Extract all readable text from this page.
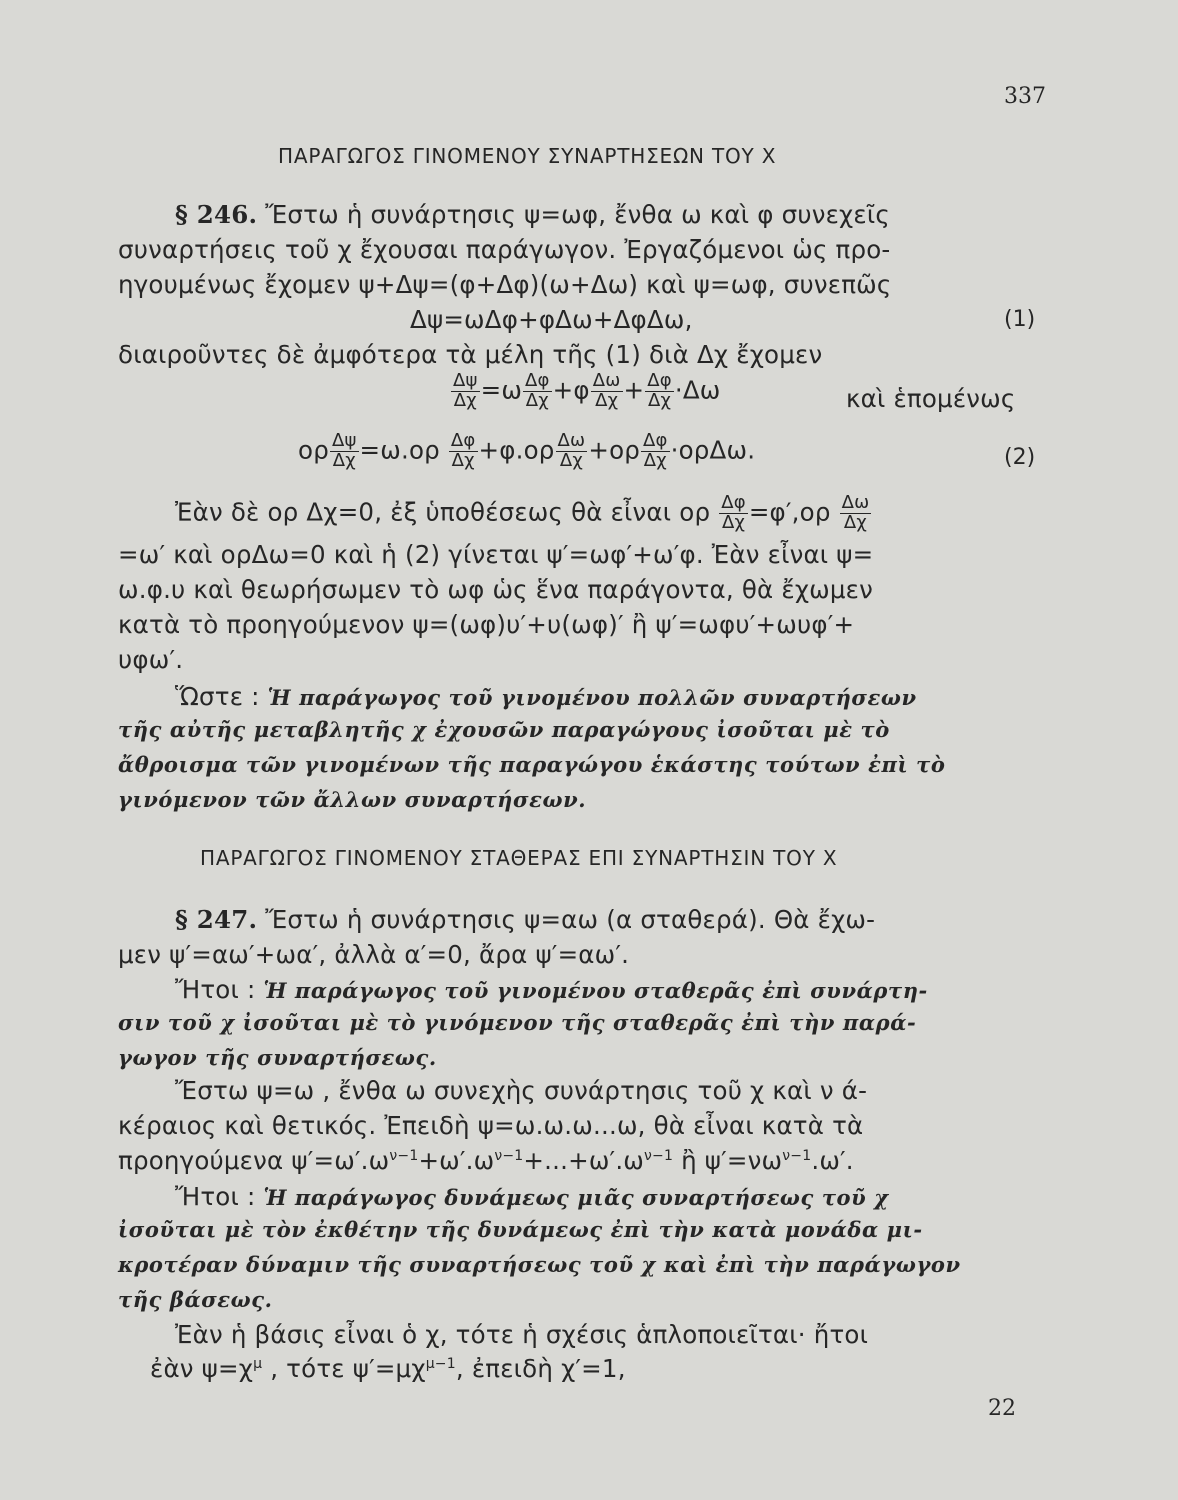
337
ΠΑΡΑΓΩΓΟΣ ΓΙΝΟΜΕΝΟΥ ΣΥΝΑΡΤΗΣΕΩΝ ΤΟΥ Χ
§ 246. Ἔστω ἡ συνάρτησις ψ=ωφ, ἔνθα ω καὶ φ συνεχεῖς
συναρτήσεις τοῦ χ ἔχουσαι παράγωγον. Ἐργαζόμενοι ὡς προ-
ηγουμένως ἔχομεν ψ+Δψ=(φ+Δφ)(ω+Δω) καὶ ψ=ωφ, συνεπῶς
Δψ=ωΔφ+φΔω+ΔφΔω,	(1)
διαιροῦντες δὲ ἀμφότερα τὰ μέλη τῆς (1) διὰ Δχ ἔχομεν
$\frac{\Delta\psi}{\Delta\chi} =\omega \frac{\Delta\varphi}{\Delta\chi} +\varphi \frac{\Delta\omega}{\Delta\chi} + \frac{\Delta\varphi}{\Delta\chi} \cdot\Delta\omega$	καὶ ἑπομένως
ορ $\frac{\Delta\psi}{\Delta\chi} =\omega.o\rho \frac{\Delta\varphi}{\Delta\chi} +\varphi.o\rho \frac{\Delta\omega}{\Delta\chi} +o\rho \frac{\Delta\varphi}{\Delta\chi} \cdot o\rho\Delta\omega$.	(2)
Ἐὰν δὲ ορ Δχ=0, ἐξ ὑποθέσεως θὰ εἶναι ορ $\frac{\Delta\varphi}{\Delta\chi} =\varphi',o\rho \frac{\Delta\omega}{\Delta\chi}$
=ω′ καὶ ορΔω=0 καὶ ἡ (2) γίνεται ψ′=ωφ′+ω′φ. Ἐὰν εἶναι ψ=
ω.φ.υ καὶ θεωρήσωμεν τὸ ωφ ὡς ἕνα παράγοντα, θὰ ἔχωμεν
κατὰ τὸ προηγούμενον ψ=(ωφ)υ′+υ(ωφ)′ ἢ ψ′=ωφυ′+ωυφ′+
υφω′.
Ὥστε : Ἡ παράγωγος τοῦ γινομένου πολλῶν συναρτήσεων
τῆς αὐτῆς μεταβλητῆς χ ἐχουσῶν παραγώγους ἰσοῦται μὲ τὸ
ἄθροισμα τῶν γινομένων τῆς παραγώγου ἑκάστης τούτων ἐπὶ τὸ
γινόμενον τῶν ἄλλων συναρτήσεων.
ΠΑΡΑΓΩΓΟΣ ΓΙΝΟΜΕΝΟΥ ΣΤΑΘΕΡΑΣ ΕΠΙ ΣΥΝΑΡΤΗΣΙΝ ΤΟΥ Χ
§ 247. Ἔστω ἡ συνάρτησις ψ=αω (α σταθερά). Θὰ ἔχω-
μεν ψ′=αω′+ωα′, ἀλλὰ α′=0, ἄρα ψ′=αω′.
Ἤτοι : Ἡ παράγωγος τοῦ γινομένου σταθερᾶς ἐπὶ συνάρτη-
σιν τοῦ χ ἰσοῦται μὲ τὸ γινόμενον τῆς σταθερᾶς ἐπὶ τὴν παρά-
γωγον τῆς συναρτήσεως.
Ἔστω ψ=ω , ἔνθα ω συνεχὴς συνάρτησις τοῦ χ καὶ ν ά-
κέραιος καὶ θετικός. Ἐπειδὴ ψ=ω.ω.ω...ω, θὰ εἶναι κατὰ τὰ
προηγούμενα $\psi'=\omega'.\omega^{\nu-1}+\omega'.\omega^{\nu-1}+...+\omega'.\omega^{\nu-1}$ ἢ $\psi'=\nu\omega^{\nu-1}.\omega'$.
Ἤτοι : Ἡ παράγωγος δυνάμεως μιᾶς συναρτήσεως τοῦ χ
ἰσοῦται μὲ τὸν ἐκθέτην τῆς δυνάμεως ἐπὶ τὴν κατὰ μονάδα μι-
κροτέραν δύναμιν τῆς συναρτήσεως τοῦ χ καὶ ἐπὶ τὴν παράγωγον
τῆς βάσεως.
Ἐὰν ἡ βάσις εἶναι ὁ χ, τότε ἡ σχέσις ἁπλοποιεῖται· ἤτοι
ἐὰν $\psi=\chi^\mu$ , τότε $\psi'=\mu\chi^{\mu-1}$, ἐπειδὴ χ′=1,
22
